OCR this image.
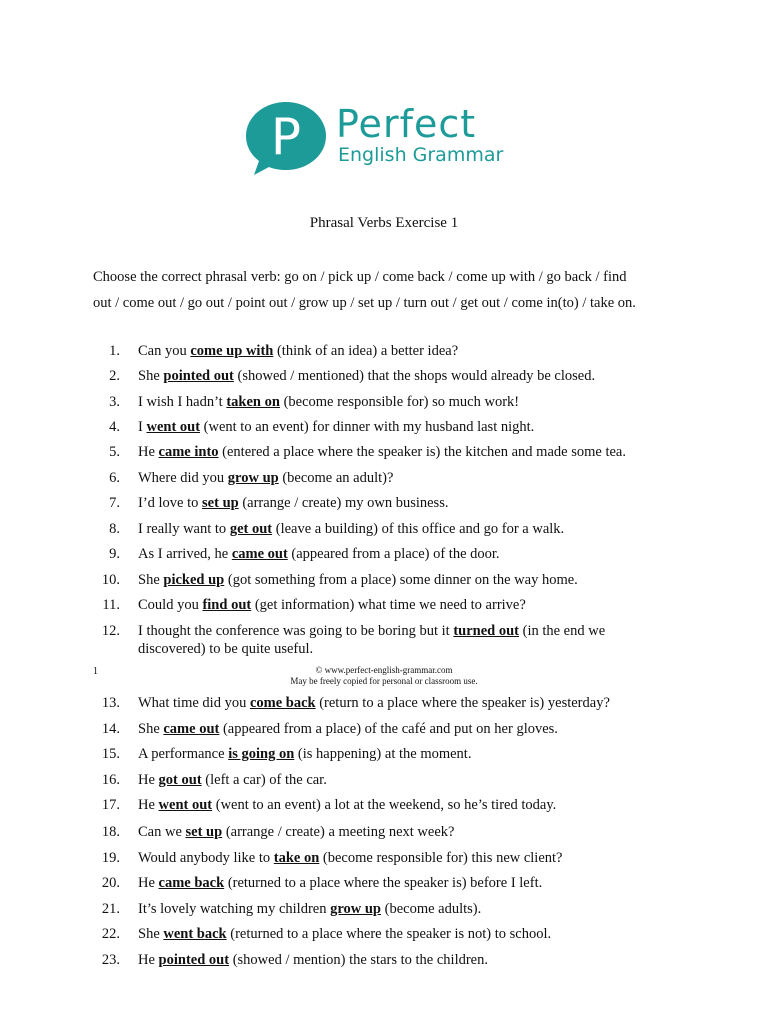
P Perfect
English Grammar
Phrasal Verbs Exercise 1
Choose the correct phrasal verb: go on / pick up / come back / come up with / go back / find
out / come out / go out / point out / grow up / set up / turn out / get out / come in(to) / take on.
1. Can you come up with (think of an idea) a better idea?
2. She pointed out (showed / mentioned) that the shops would already be closed.
3. I wish I hadn’t taken on (become responsible for) so much work!
4. I went out (went to an event) for dinner with my husband last night.
5. He came into (entered a place where the speaker is) the kitchen and made some tea.
6. Where did you grow up (become an adult)?
7. I’d love to set up (arrange / create) my own business.
8. I really want to get out (leave a building) of this office and go for a walk.
9. As I arrived, he came out (appeared from a place) of the door.
10. She picked up (got something from a place) some dinner on the way home.
11. Could you find out (get information) what time we need to arrive?
12. I thought the conference was going to be boring but it turned out (in the end we discovered) to be quite useful.
13. What time did you come back (return to a place where the speaker is) yesterday?
14. She came out (appeared from a place) of the café and put on her gloves.
15. A performance is going on (is happening) at the moment.
16. He got out (left a car) of the car.
17. He went out (went to an event) a lot at the weekend, so he’s tired today.
18. Can we set up (arrange / create) a meeting next week?
19. Would anybody like to take on (become responsible for) this new client?
20. He came back (returned to a place where the speaker is) before I left.
21. It’s lovely watching my children grow up (become adults).
22. She went back (returned to a place where the speaker is not) to school.
23. He pointed out (showed / mention) the stars to the children.
1	© www.perfect-english-grammar.com
May be freely copied for personal or classroom use.
